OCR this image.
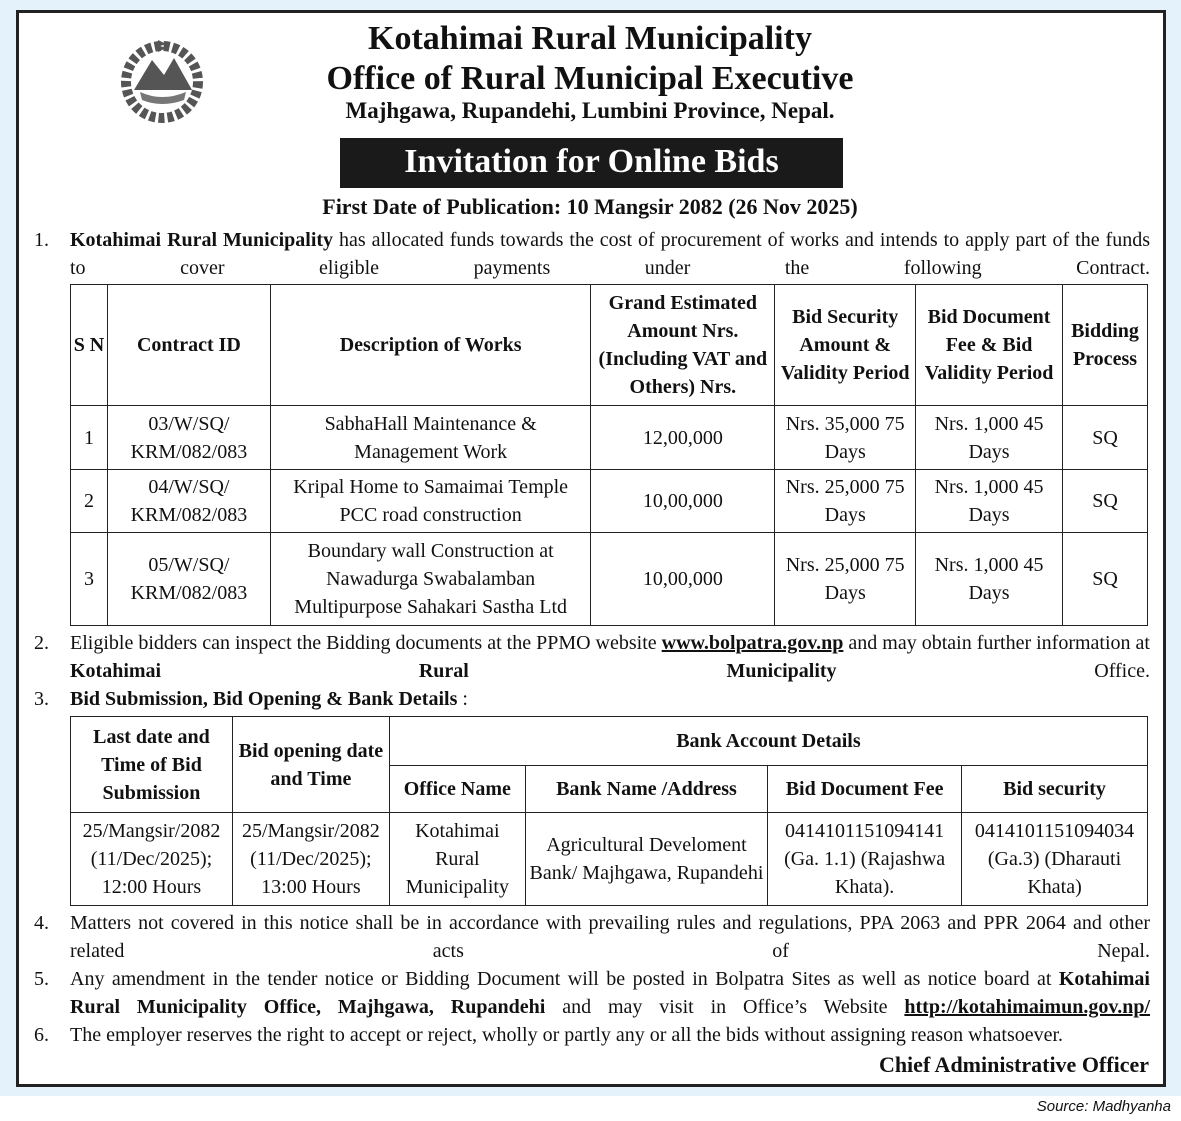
Kotahimai Rural Municipality
Office of Rural Municipal Executive
Majhgawa, Rupandehi, Lumbini Province, Nepal.
Invitation for Online Bids
First Date of Publication: 10 Mangsir 2082 (26 Nov 2025)
1. Kotahimai Rural Municipality has allocated funds towards the cost of procurement of works and intends to apply part of the funds to cover eligible payments under the following Contract.
S N	Contract ID	Description of Works	Grand Estimated Amount Nrs. (Including VAT and Others) Nrs.	Bid Security Amount & Validity Period	Bid Document Fee & Bid Validity Period	Bidding Process
1	03/W/SQ/ KRM/082/083	SabhaHall Maintenance & Management Work	12,00,000	Nrs. 35,000 75 Days	Nrs. 1,000 45 Days	SQ
2	04/W/SQ/ KRM/082/083	Kripal Home to Samaimai Temple PCC road construction	10,00,000	Nrs. 25,000 75 Days	Nrs. 1,000 45 Days	SQ
3	05/W/SQ/ KRM/082/083	Boundary wall Construction at Nawadurga Swabalamban Multipurpose Sahakari Sastha Ltd	10,00,000	Nrs. 25,000 75 Days	Nrs. 1,000 45 Days	SQ
2. Eligible bidders can inspect the Bidding documents at the PPMO website www.bolpatra.gov.np and may obtain further information at Kotahimai Rural Municipality Office.
3. Bid Submission, Bid Opening & Bank Details :
Last date and Time of Bid Submission	Bid opening date and Time	Bank Account Details			
		Office Name	Bank Name /Address	Bid Document Fee	Bid security
25/Mangsir/2082 (11/Dec/2025); 12:00 Hours	25/Mangsir/2082 (11/Dec/2025); 13:00 Hours	Kotahimai Rural Municipality	Agricultural Develoment Bank/ Majhgawa, Rupandehi	0414101151094141 (Ga. 1.1) (Rajashwa Khata).	0414101151094034 (Ga.3) (Dharauti Khata)
4. Matters not covered in this notice shall be in accordance with prevailing rules and regulations, PPA 2063 and PPR 2064 and other related acts of Nepal.
5. Any amendment in the tender notice or Bidding Document will be posted in Bolpatra Sites as well as notice board at Kotahimai Rural Municipality Office, Majhgawa, Rupandehi and may visit in Office’s Website http://kotahimaimun.gov.np/
6. The employer reserves the right to accept or reject, wholly or partly any or all the bids without assigning reason whatsoever.
Chief Administrative Officer
Source: Madhyanha
